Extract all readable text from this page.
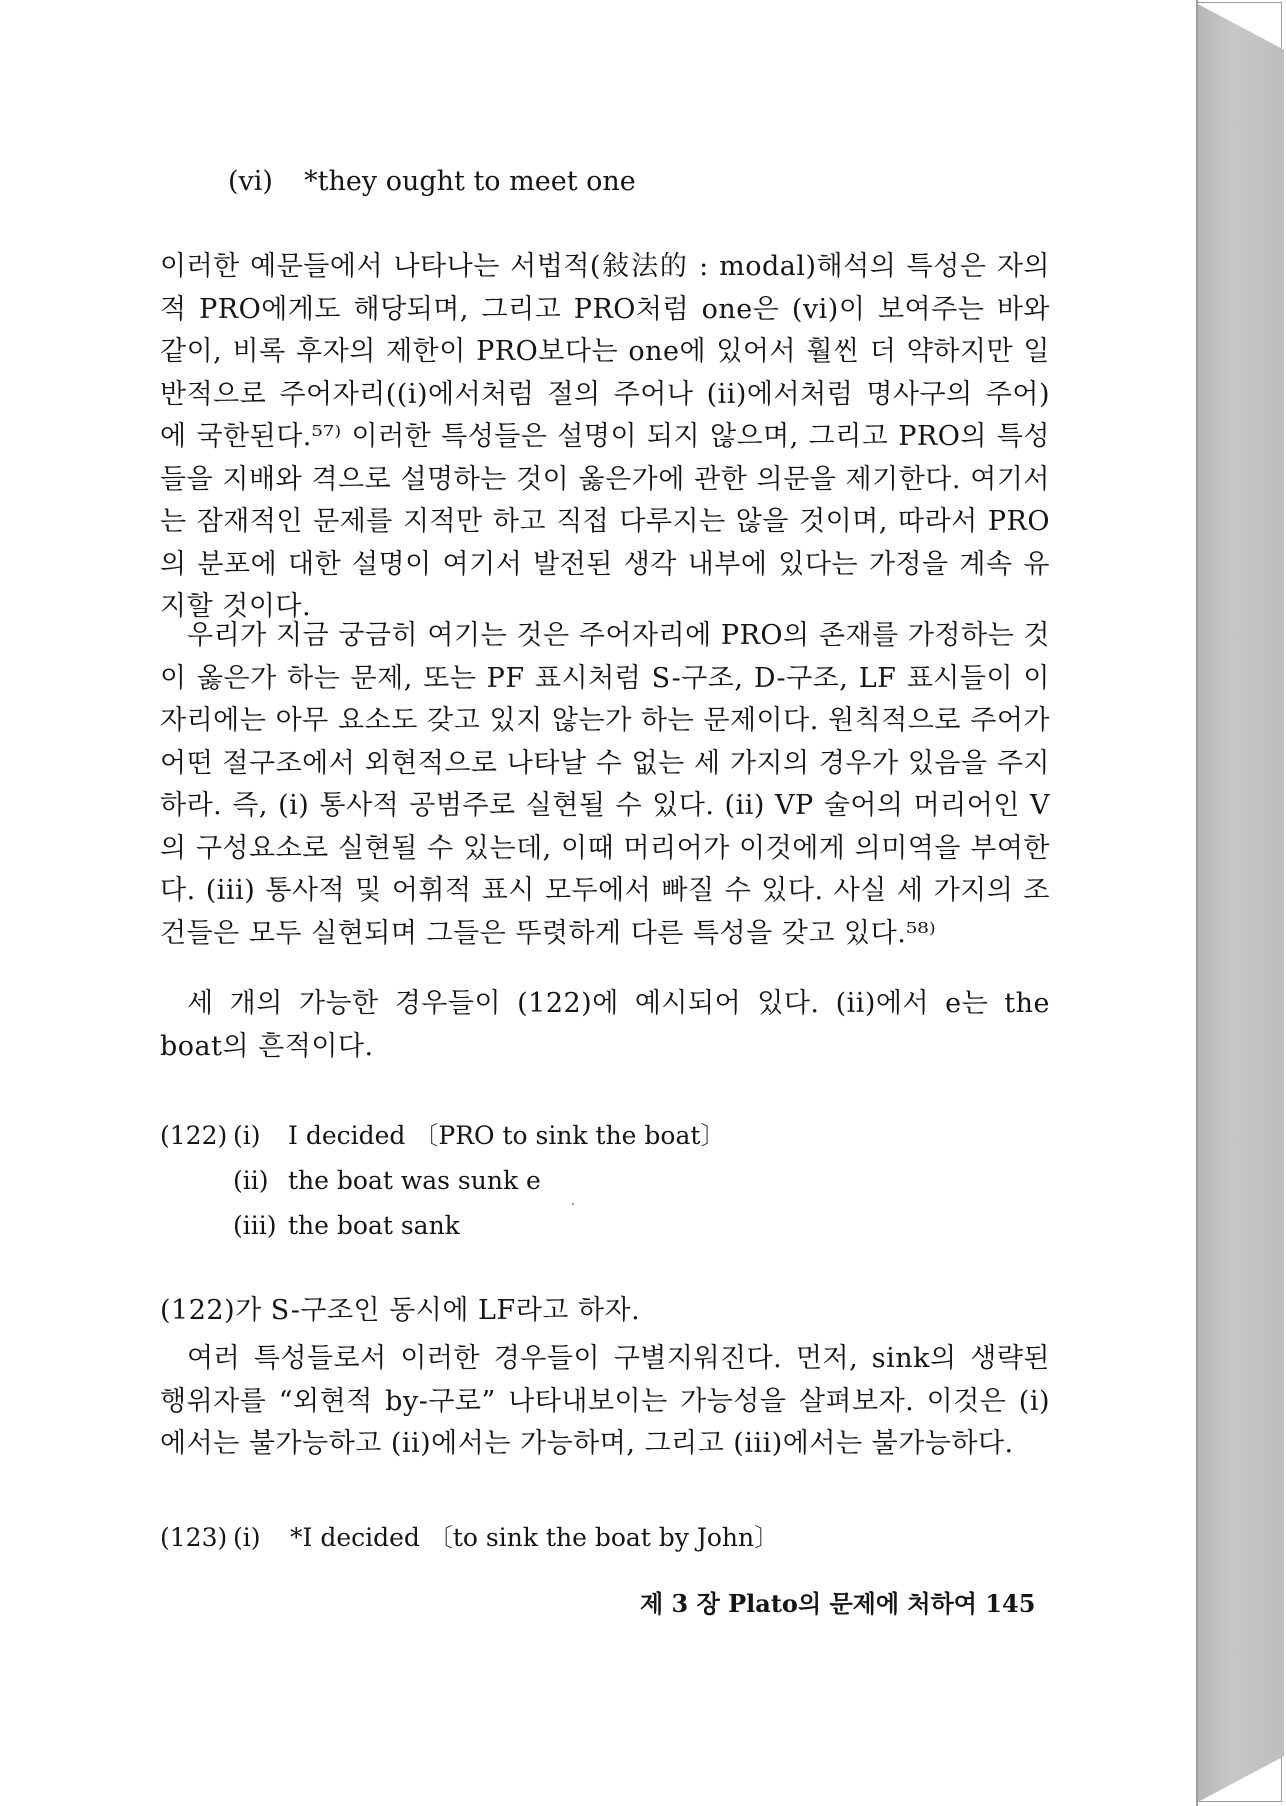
(vi) *they ought to meet one
이러한 예문들에서 나타나는 서법적(敍法的 : modal)해석의 특성은 자의적 PRO에게도 해당되며, 그리고 PRO처럼 one은 (vi)이 보여주는 바와 같이, 비록 후자의 제한이 PRO보다는 one에 있어서 훨씬 더 약하지만 일반적으로 주어자리((i)에서처럼 절의 주어나 (ii)에서처럼 명사구의 주어)에 국한된다.⁵⁷⁾ 이러한 특성들은 설명이 되지 않으며, 그리고 PRO의 특성들을 지배와 격으로 설명하는 것이 옳은가에 관한 의문을 제기한다. 여기서는 잠재적인 문제를 지적만 하고 직접 다루지는 않을 것이며, 따라서 PRO의 분포에 대한 설명이 여기서 발전된 생각 내부에 있다는 가정을 계속 유지할 것이다.
우리가 지금 궁금히 여기는 것은 주어자리에 PRO의 존재를 가정하는 것이 옳은가 하는 문제, 또는 PF 표시처럼 S-구조, D-구조, LF 표시들이 이 자리에는 아무 요소도 갖고 있지 않는가 하는 문제이다. 원칙적으로 주어가 어떤 절구조에서 외현적으로 나타날 수 없는 세 가지의 경우가 있음을 주지하라. 즉, (i) 통사적 공범주로 실현될 수 있다. (ii) VP 술어의 머리어인 V의 구성요소로 실현될 수 있는데, 이때 머리어가 이것에게 의미역을 부여한다. (iii) 통사적 및 어휘적 표시 모두에서 빠질 수 있다. 사실 세 가지의 조건들은 모두 실현되며 그들은 뚜렷하게 다른 특성을 갖고 있다.⁵⁸⁾
세 개의 가능한 경우들이 (122)에 예시되어 있다. (ii)에서 e는 the boat의 흔적이다.
(122) (i) I decided 〔PRO to sink the boat〕
(ii) the boat was sunk e
(iii) the boat sank
(122)가 S-구조인 동시에 LF라고 하자.
여러 특성들로서 이러한 경우들이 구별지워진다. 먼저, sink의 생략된 행위자를 “외현적 by-구로” 나타내보이는 가능성을 살펴보자. 이것은 (i)에서는 불가능하고 (ii)에서는 가능하며, 그리고 (iii)에서는 불가능하다.
(123) (i) *I decided 〔to sink the boat by John〕
제 3 장 Plato의 문제에 처하여 145
